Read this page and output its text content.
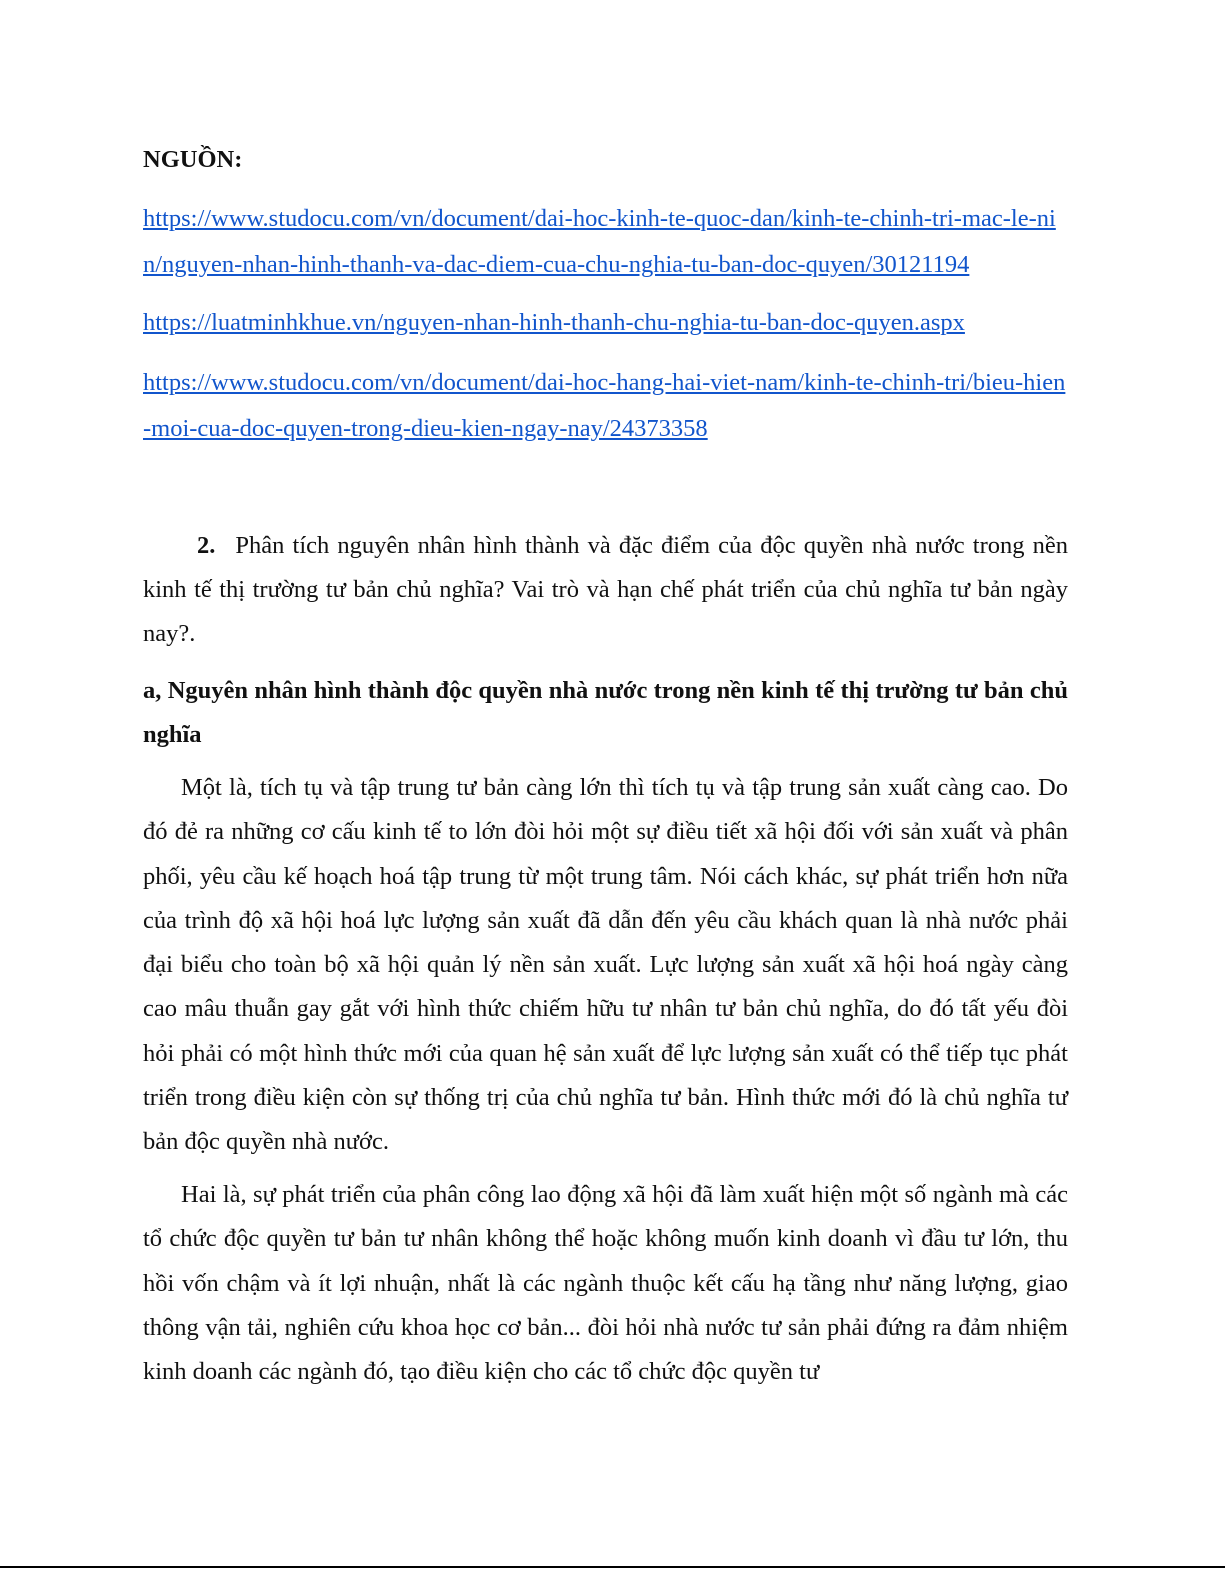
NGUỒN:

https://www.studocu.com/vn/document/dai-hoc-kinh-te-quoc-dan/kinh-te-chinh-tri-mac-le-nin/nguyen-nhan-hinh-thanh-va-dac-diem-cua-chu-nghia-tu-ban-doc-quyen/30121194
https://luatminhkhue.vn/nguyen-nhan-hinh-thanh-chu-nghia-tu-ban-doc-quyen.aspx
https://www.studocu.com/vn/document/dai-hoc-hang-hai-viet-nam/kinh-te-chinh-tri/bieu-hien-moi-cua-doc-quyen-trong-dieu-kien-ngay-nay/24373358

2. Phân tích nguyên nhân hình thành và đặc điểm của độc quyền nhà nước trong nền kinh tế thị trường tư bản chủ nghĩa? Vai trò và hạn chế phát triển của chủ nghĩa tư bản ngày nay?.

a, Nguyên nhân hình thành độc quyền nhà nước trong nền kinh tế thị trường tư bản chủ nghĩa

Một là, tích tụ và tập trung tư bản càng lớn thì tích tụ và tập trung sản xuất càng cao. Do đó đẻ ra những cơ cấu kinh tế to lớn đòi hỏi một sự điều tiết xã hội đối với sản xuất và phân phối, yêu cầu kế hoạch hoá tập trung từ một trung tâm. Nói cách khác, sự phát triển hơn nữa của trình độ xã hội hoá lực lượng sản xuất đã dẫn đến yêu cầu khách quan là nhà nước phải đại biểu cho toàn bộ xã hội quản lý nền sản xuất. Lực lượng sản xuất xã hội hoá ngày càng cao mâu thuẫn gay gắt với hình thức chiếm hữu tư nhân tư bản chủ nghĩa, do đó tất yếu đòi hỏi phải có một hình thức mới của quan hệ sản xuất để lực lượng sản xuất có thể tiếp tục phát triển trong điều kiện còn sự thống trị của chủ nghĩa tư bản. Hình thức mới đó là chủ nghĩa tư bản độc quyền nhà nước.

Hai là, sự phát triển của phân công lao động xã hội đã làm xuất hiện một số ngành mà các tổ chức độc quyền tư bản tư nhân không thể hoặc không muốn kinh doanh vì đầu tư lớn, thu hồi vốn chậm và ít lợi nhuận, nhất là các ngành thuộc kết cấu hạ tầng như năng lượng, giao thông vận tải, nghiên cứu khoa học cơ bản... đòi hỏi nhà nước tư sản phải đứng ra đảm nhiệm kinh doanh các ngành đó, tạo điều kiện cho các tổ chức độc quyền tư
